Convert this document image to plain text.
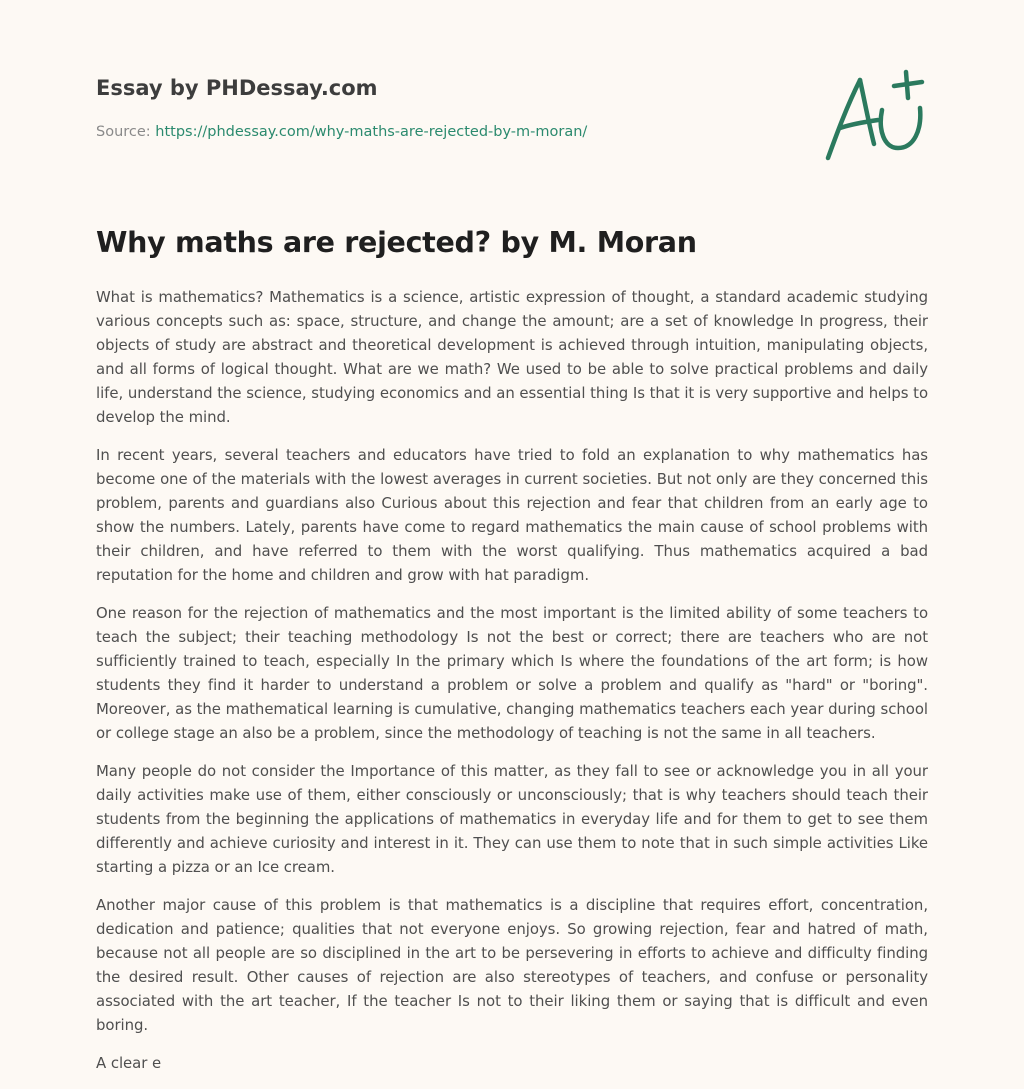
Essay by PHDessay.com
Source: https://phdessay.com/why-maths-are-rejected-by-m-moran/
Why maths are rejected? by M. Moran

What is mathematics? Mathematics is a science, artistic expression of thought, a standard academic studying various concepts such as: space, structure, and change the amount; are a set of knowledge In progress, their objects of study are abstract and theoretical development is achieved through intuition, manipulating objects, and all forms of logical thought. What are we math? We used to be able to solve practical problems and daily life, understand the science, studying economics and an essential thing Is that it is very supportive and helps to develop the mind.

In recent years, several teachers and educators have tried to fold an explanation to why mathematics has become one of the materials with the lowest averages in current societies. But not only are they concerned this problem, parents and guardians also Curious about this rejection and fear that children from an early age to show the numbers. Lately, parents have come to regard mathematics the main cause of school problems with their children, and have referred to them with the worst qualifying. Thus mathematics acquired a bad reputation for the home and children and grow with hat paradigm.

One reason for the rejection of mathematics and the most important is the limited ability of some teachers to teach the subject; their teaching methodology Is not the best or correct; there are teachers who are not sufficiently trained to teach, especially In the primary which Is where the foundations of the art form; is how students they find it harder to understand a problem or solve a problem and qualify as "hard" or "boring". Moreover, as the mathematical learning is cumulative, changing mathematics teachers each year during school or college stage an also be a problem, since the methodology of teaching is not the same in all teachers.

Many people do not consider the Importance of this matter, as they fall to see or acknowledge you in all your daily activities make use of them, either consciously or unconsciously; that is why teachers should teach their students from the beginning the applications of mathematics in everyday life and for them to get to see them differently and achieve curiosity and interest in it. They can use them to note that in such simple activities Like starting a pizza or an Ice cream.

Another major cause of this problem is that mathematics is a discipline that requires effort, concentration, dedication and patience; qualities that not everyone enjoys. So growing rejection, fear and hatred of math, because not all people are so disciplined in the art to be persevering in efforts to achieve and difficulty finding the desired result. Other causes of rejection are also stereotypes of teachers, and confuse or personality associated with the art teacher, If the teacher Is not to their liking them or saying that is difficult and even boring.

A clear e
